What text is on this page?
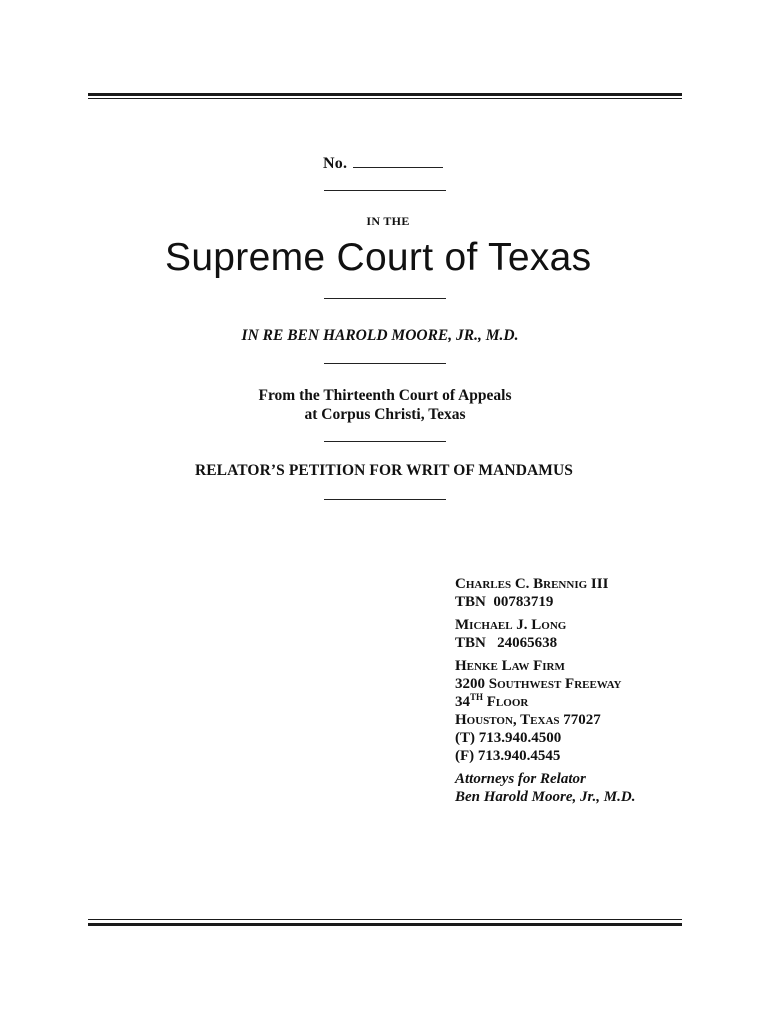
No.
IN THE
Supreme Court of Texas
IN RE BEN HAROLD MOORE, JR., M.D.
From the Thirteenth Court of Appeals
at Corpus Christi, Texas
RELATOR’S PETITION FOR WRIT OF MANDAMUS
Charles C. Brennig III
TBN  00783719
Michael J. Long
TBN   24065638
Henke Law Firm
3200 Southwest Freeway
34TH Floor
Houston, Texas 77027
(T) 713.940.4500
(F) 713.940.4545
Attorneys for Relator
Ben Harold Moore, Jr., M.D.
